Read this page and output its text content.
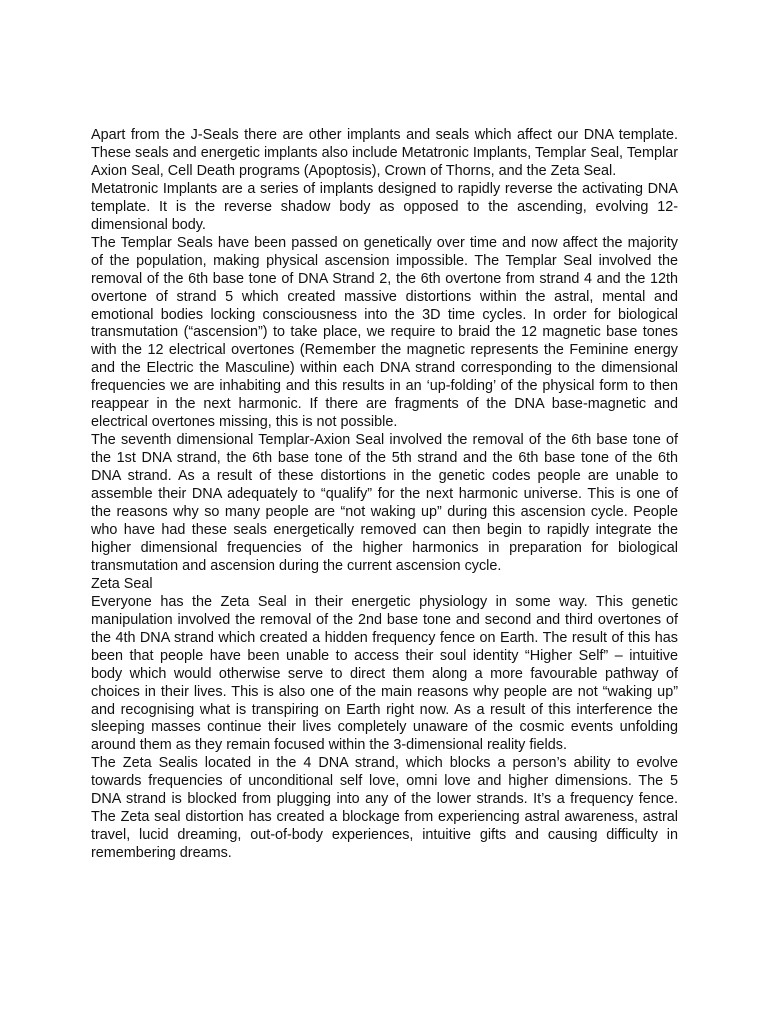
Apart from the J-Seals there are other implants and seals which affect our DNA template. These seals and energetic implants also include Metatronic Implants, Templar Seal, Templar Axion Seal, Cell Death programs (Apoptosis), Crown of Thorns, and the Zeta Seal.

Metatronic Implants are a series of implants designed to rapidly reverse the activating DNA template. It is the reverse shadow body as opposed to the ascending, evolving 12-dimensional body.

The Templar Seals have been passed on genetically over time and now affect the majority of the population, making physical ascension impossible. The Templar Seal involved the removal of the 6th base tone of DNA Strand 2, the 6th overtone from strand 4 and the 12th overtone of strand 5 which created massive distortions within the astral, mental and emotional bodies locking consciousness into the 3D time cycles. In order for biological transmutation (“ascension”) to take place, we require to braid the 12 magnetic base tones with the 12 electrical overtones (Remember the magnetic represents the Feminine energy and the Electric the Masculine) within each DNA strand corresponding to the dimensional frequencies we are inhabiting and this results in an ‘up-folding’ of the physical form to then reappear in the next harmonic. If there are fragments of the DNA base-magnetic and electrical overtones missing, this is not possible.

The seventh dimensional Templar-Axion Seal involved the removal of the 6th base tone of the 1st DNA strand, the 6th base tone of the 5th strand and the 6th base tone of the 6th DNA strand. As a result of these distortions in the genetic codes people are unable to assemble their DNA adequately to “qualify” for the next harmonic universe. This is one of the reasons why so many people are “not waking up” during this ascension cycle. People who have had these seals energetically removed can then begin to rapidly integrate the higher dimensional frequencies of the higher harmonics in preparation for biological transmutation and ascension during the current ascension cycle.

Zeta Seal

Everyone has the Zeta Seal in their energetic physiology in some way. This genetic manipulation involved the removal of the 2nd base tone and second and third overtones of the 4th DNA strand which created a hidden frequency fence on Earth. The result of this has been that people have been unable to access their soul identity “Higher Self” – intuitive body which would otherwise serve to direct them along a more favourable pathway of choices in their lives. This is also one of the main reasons why people are not “waking up” and recognising what is transpiring on Earth right now. As a result of this interference the sleeping masses continue their lives completely unaware of the cosmic events unfolding around them as they remain focused within the 3-dimensional reality fields.

The Zeta Sealis located in the 4 DNA strand, which blocks a person’s ability to evolve towards frequencies of unconditional self love, omni love and higher dimensions. The 5 DNA strand is blocked from plugging into any of the lower strands. It’s a frequency fence. The Zeta seal distortion has created a blockage from experiencing astral awareness, astral travel, lucid dreaming, out-of-body experiences, intuitive gifts and causing difficulty in remembering dreams.
